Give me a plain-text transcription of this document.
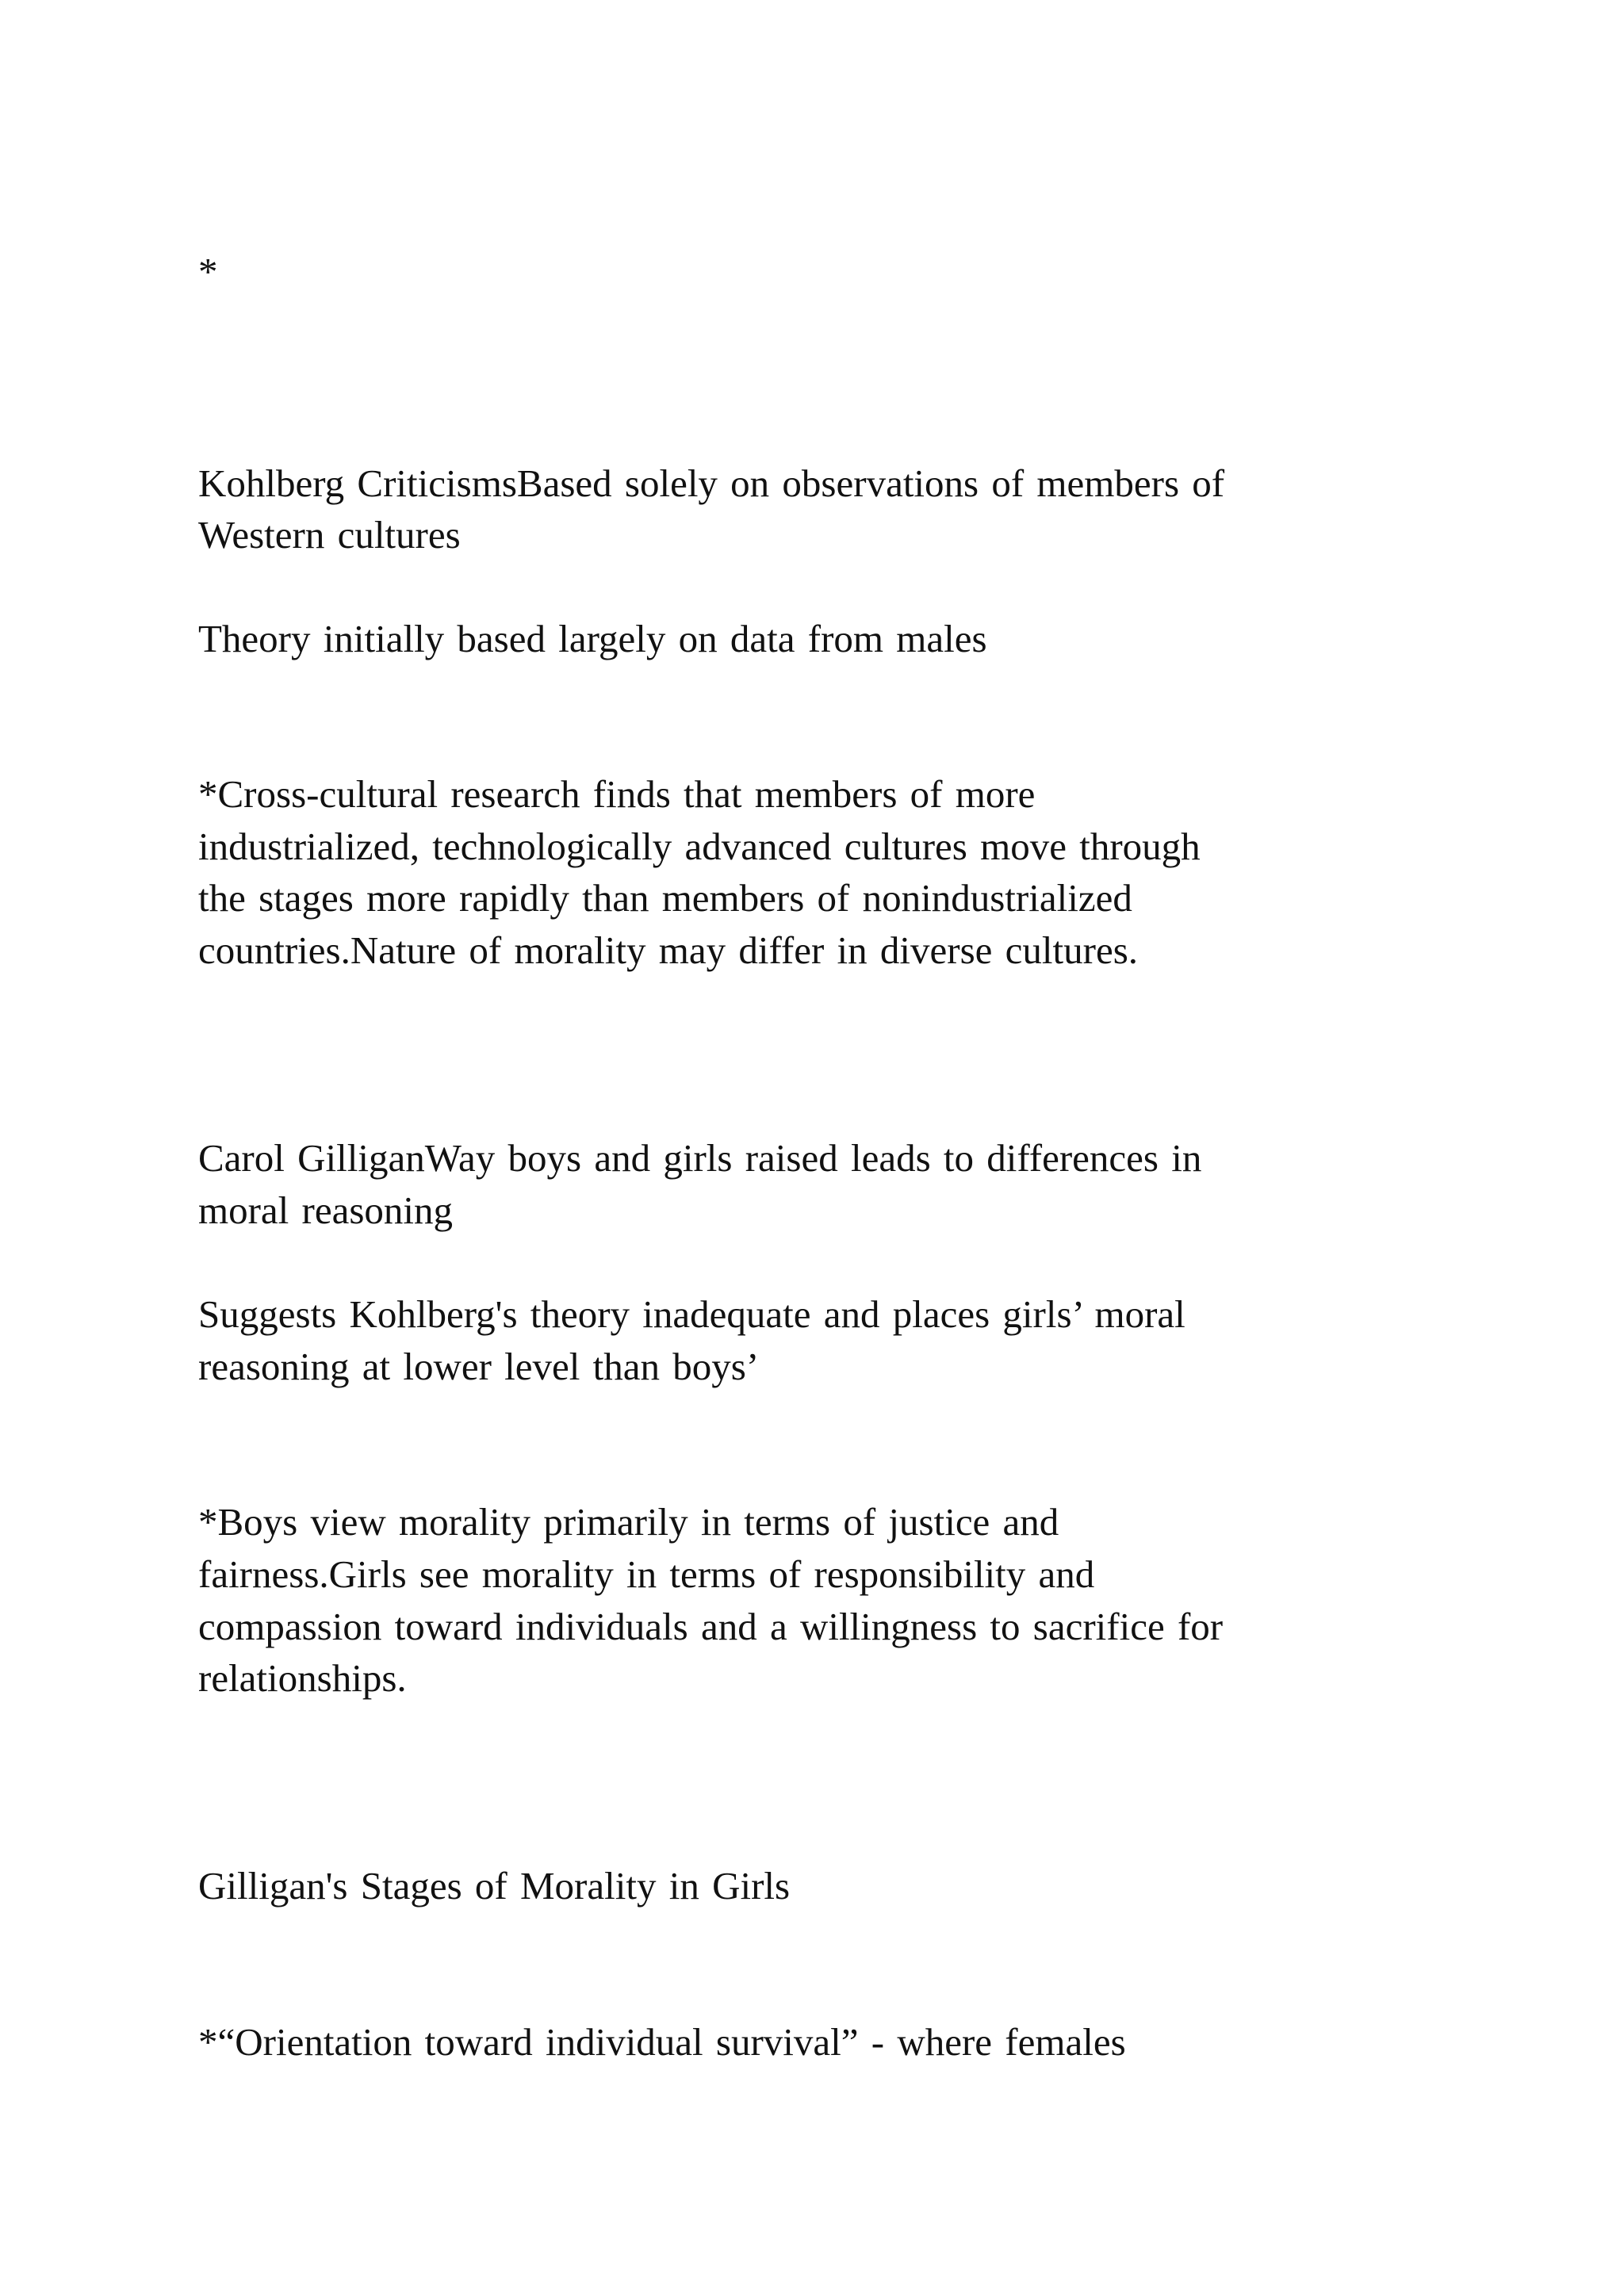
*

Kohlberg CriticismsBased solely on observations of members of

Western cultures

Theory initially based largely on data from males

*Cross-cultural research finds that members of more

industrialized, technologically advanced cultures move through

the stages more rapidly than members of nonindustrialized

countries.Nature of morality may differ in diverse cultures.

Carol GilliganWay boys and girls raised leads to differences in

moral reasoning

Suggests Kohlberg's theory inadequate and places girls’ moral

reasoning at lower level than boys’

*Boys view morality primarily in terms of justice and

fairness.Girls see morality in terms of responsibility and

compassion toward individuals and a willingness to sacrifice for

relationships.

Gilligan's Stages of Morality in Girls

*“Orientation toward individual survival” - where females
